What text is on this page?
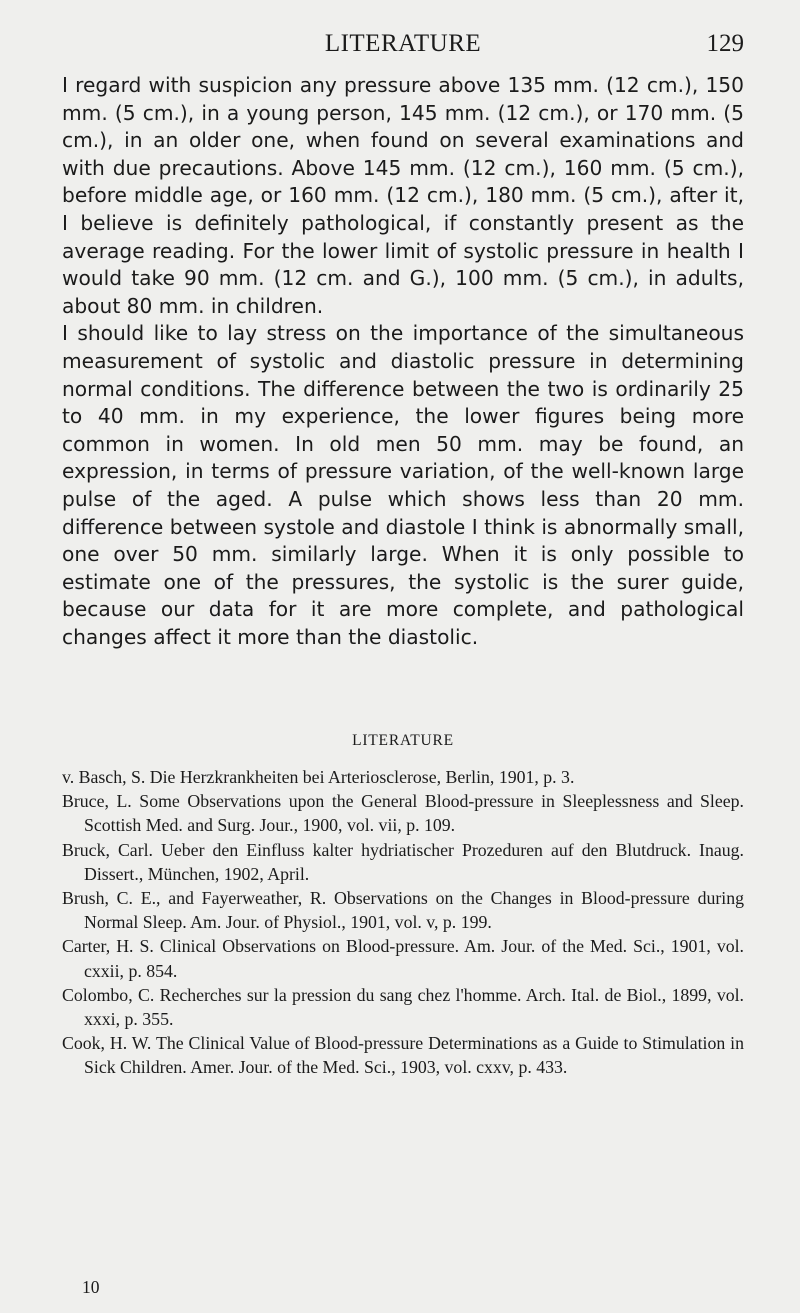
LITERATURE	129

I regard with suspicion any pressure above 135 mm. (12 cm.), 150 mm. (5 cm.), in a young person, 145 mm. (12 cm.), or 170 mm. (5 cm.), in an older one, when found on several examinations and with due precautions. Above 145 mm. (12 cm.), 160 mm. (5 cm.), before middle age, or 160 mm. (12 cm.), 180 mm. (5 cm.), after it, I believe is definitely pathological, if constantly present as the average reading. For the lower limit of systolic pressure in health I would take 90 mm. (12 cm. and G.), 100 mm. (5 cm.), in adults, about 80 mm. in children.

I should like to lay stress on the importance of the simultaneous measurement of systolic and diastolic pressure in determining normal conditions. The difference between the two is ordinarily 25 to 40 mm. in my experience, the lower figures being more common in women. In old men 50 mm. may be found, an expression, in terms of pressure variation, of the well-known large pulse of the aged. A pulse which shows less than 20 mm. difference between systole and diastole I think is abnormally small, one over 50 mm. similarly large. When it is only possible to estimate one of the pressures, the systolic is the surer guide, because our data for it are more complete, and pathological changes affect it more than the diastolic.

LITERATURE
v. Basch, S. Die Herzkrankheiten bei Arteriosclerose, Berlin, 1901, p. 3.
Bruce, L. Some Observations upon the General Blood-pressure in Sleeplessness and Sleep. Scottish Med. and Surg. Jour., 1900, vol. vii, p. 109.
Bruck, Carl. Ueber den Einfluss kalter hydriatischer Prozeduren auf den Blutdruck. Inaug. Dissert., München, 1902, April.
Brush, C. E., and Fayerweather, R. Observations on the Changes in Blood-pressure during Normal Sleep. Am. Jour. of Physiol., 1901, vol. v, p. 199.
Carter, H. S. Clinical Observations on Blood-pressure. Am. Jour. of the Med. Sci., 1901, vol. cxxii, p. 854.
Colombo, C. Recherches sur la pression du sang chez l'homme. Arch. Ital. de Biol., 1899, vol. xxxi, p. 355.
Cook, H. W. The Clinical Value of Blood-pressure Determinations as a Guide to Stimulation in Sick Children. Amer. Jour. of the Med. Sci., 1903, vol. cxxv, p. 433.
10
